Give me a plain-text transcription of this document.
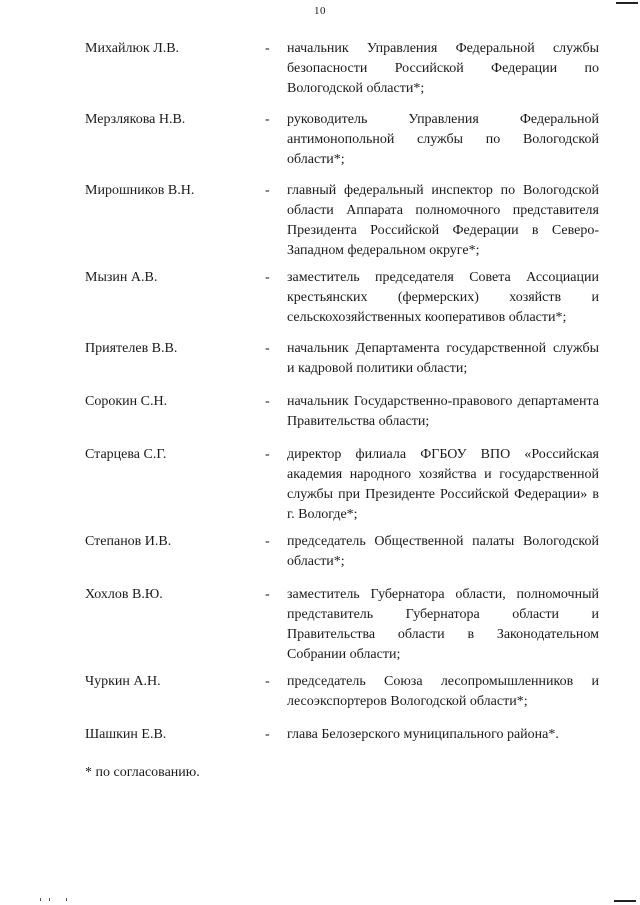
10
Михайлюк Л.В.	- начальник Управления Федеральной службы безопасности Российской Федерации по Вологодской области*;
Мерзлякова Н.В.	- руководитель Управления Федеральной антимонопольной службы по Вологодской области*;
Мирошников В.Н.	- главный федеральный инспектор по Вологодской области Аппарата полномочного представителя Президента Российской Федерации в Северо-Западном федеральном округе*;
Мызин А.В.	- заместитель председателя Совета Ассоциации крестьянских (фермерских) хозяйств и сельскохозяйственных кооперативов области*;
Приятелев В.В.	- начальник Департамента государственной службы и кадровой политики области;
Сорокин С.Н.	- начальник Государственно-правового департамента Правительства области;
Старцева С.Г.	- директор филиала ФГБОУ ВПО «Российская академия народного хозяйства и государственной службы при Президенте Российской Федерации» в г. Вологде*;
Степанов И.В.	- председатель Общественной палаты Вологодской области*;
Хохлов В.Ю.	- заместитель Губернатора области, полномочный представитель Губернатора области и Правительства области в Законодательном Собрании области;
Чуркин А.Н.	- председатель Союза лесопромышленников и лесоэкспортеров Вологодской области*;
Шашкин Е.В.	- глава Белозерского муниципального района*.
* по согласованию.
